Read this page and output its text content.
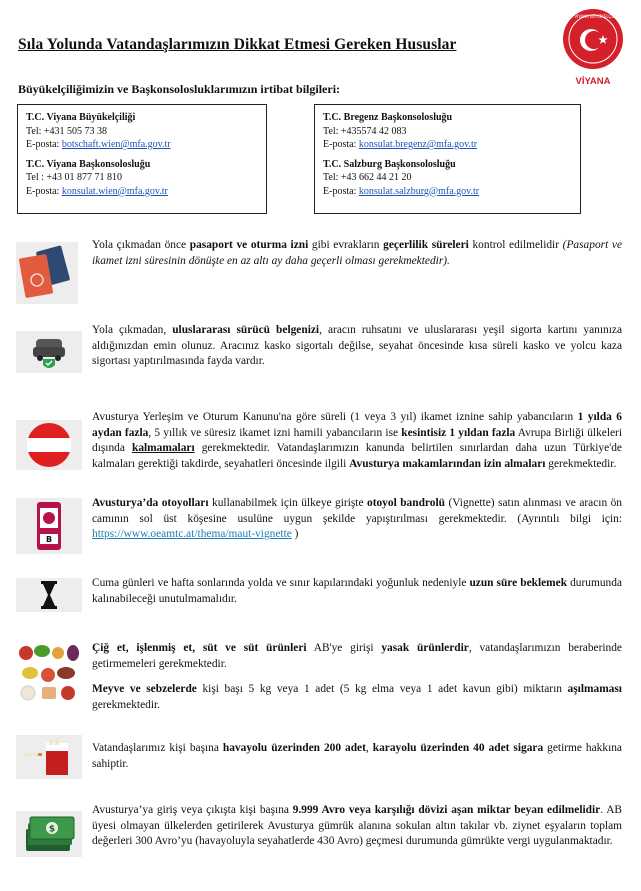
Sıla Yolunda Vatandaşlarımızın Dikkat Etmesi Gereken Hususlar
Büyükelçiliğimizin ve Başkonsolosluklarımızın irtibat bilgileri:
T.C. VİYANA BÜYÜKELÇİLİĞİ
VİYANA
T.C. Viyana Büyükelçiliği
Tel: +431 505 73 38
E-posta: botschaft.wien@mfa.gov.tr
T.C. Viyana Başkonsolosluğu
Tel : +43 01 877 71 810
E-posta: konsulat.wien@mfa.gov.tr
T.C. Bregenz Başkonsolosluğu
Tel: +435574 42 083
E-posta: konsulat.bregenz@mfa.gov.tr
T.C. Salzburg Başkonsolosluğu
Tel: +43 662 44 21 20
E-posta: konsulat.salzburg@mfa.gov.tr
Yola çıkmadan önce pasaport ve oturma izni gibi evrakların geçerlilik süreleri kontrol edilmelidir (Pasaport ve ikamet izni süresinin dönüşte en az altı ay daha geçerli olması gerekmektedir).
Yola çıkmadan, uluslararası sürücü belgenizi, aracın ruhsatını ve uluslararası yeşil sigorta kartını yanınıza aldığınızdan emin olunuz. Aracınız kasko sigortalı değilse, seyahat öncesinde kısa süreli kasko ve yolcu kaza sigortası yaptırılmasında fayda vardır.
Avusturya Yerleşim ve Oturum Kanunu'na göre süreli (1 veya 3 yıl) ikamet iznine sahip yabancıların 1 yılda 6 aydan fazla, 5 yıllık ve süresiz ikamet izni hamili yabancıların ise kesintisiz 1 yıldan fazla Avrupa Birliği ülkeleri dışında kalmamaları gerekmektedir. Vatandaşlarımızın kanunda belirtilen sınırlardan daha uzun Türkiye'de kalmaları gerektiği takdirde, seyahatleri öncesinde ilgili Avusturya makamlarından izin almaları gerekmektedir.
B
Avusturya’da otoyolları kullanabilmek için ülkeye girişte otoyol bandrolü (Vignette) satın alınması ve aracın ön camının sol üst köşesine usulüne uygun şekilde yapıştırılması gerekmektedir. (Ayrıntılı bilgi için: https://www.oeamtc.at/thema/maut-vignette )
Cuma günleri ve hafta sonlarında yolda ve sınır kapılarındaki yoğunluk nedeniyle uzun süre beklemek durumunda kalınabileceği unutulmamalıdır.
Çiğ et, işlenmiş et, süt ve süt ürünleri AB'ye girişi yasak ürünlerdir, vatandaşlarımızın beraberinde getirmemeleri gerekmektedir.
Meyve ve sebzelerde kişi başı 5 kg veya 1 adet (5 kg elma veya 1 adet kavun gibi) miktarın aşılmaması gerekmektedir.
Vatandaşlarımız kişi başına havayolu üzerinden 200 adet, karayolu üzerinden 40 adet sigara getirme hakkına sahiptir.
$
Avusturya’ya giriş veya çıkışta kişi başına 9.999 Avro veya karşılığı dövizi aşan miktar beyan edilmelidir. AB üyesi olmayan ülkelerden getirilerek Avusturya gümrük alanına sokulan altın takılar vb. ziynet eşyaların toplam değerleri 300 Avro’yu (havayoluyla seyahatlerde 430 Avro) geçmesi durumunda gümrükte vergi uygulanmaktadır.
